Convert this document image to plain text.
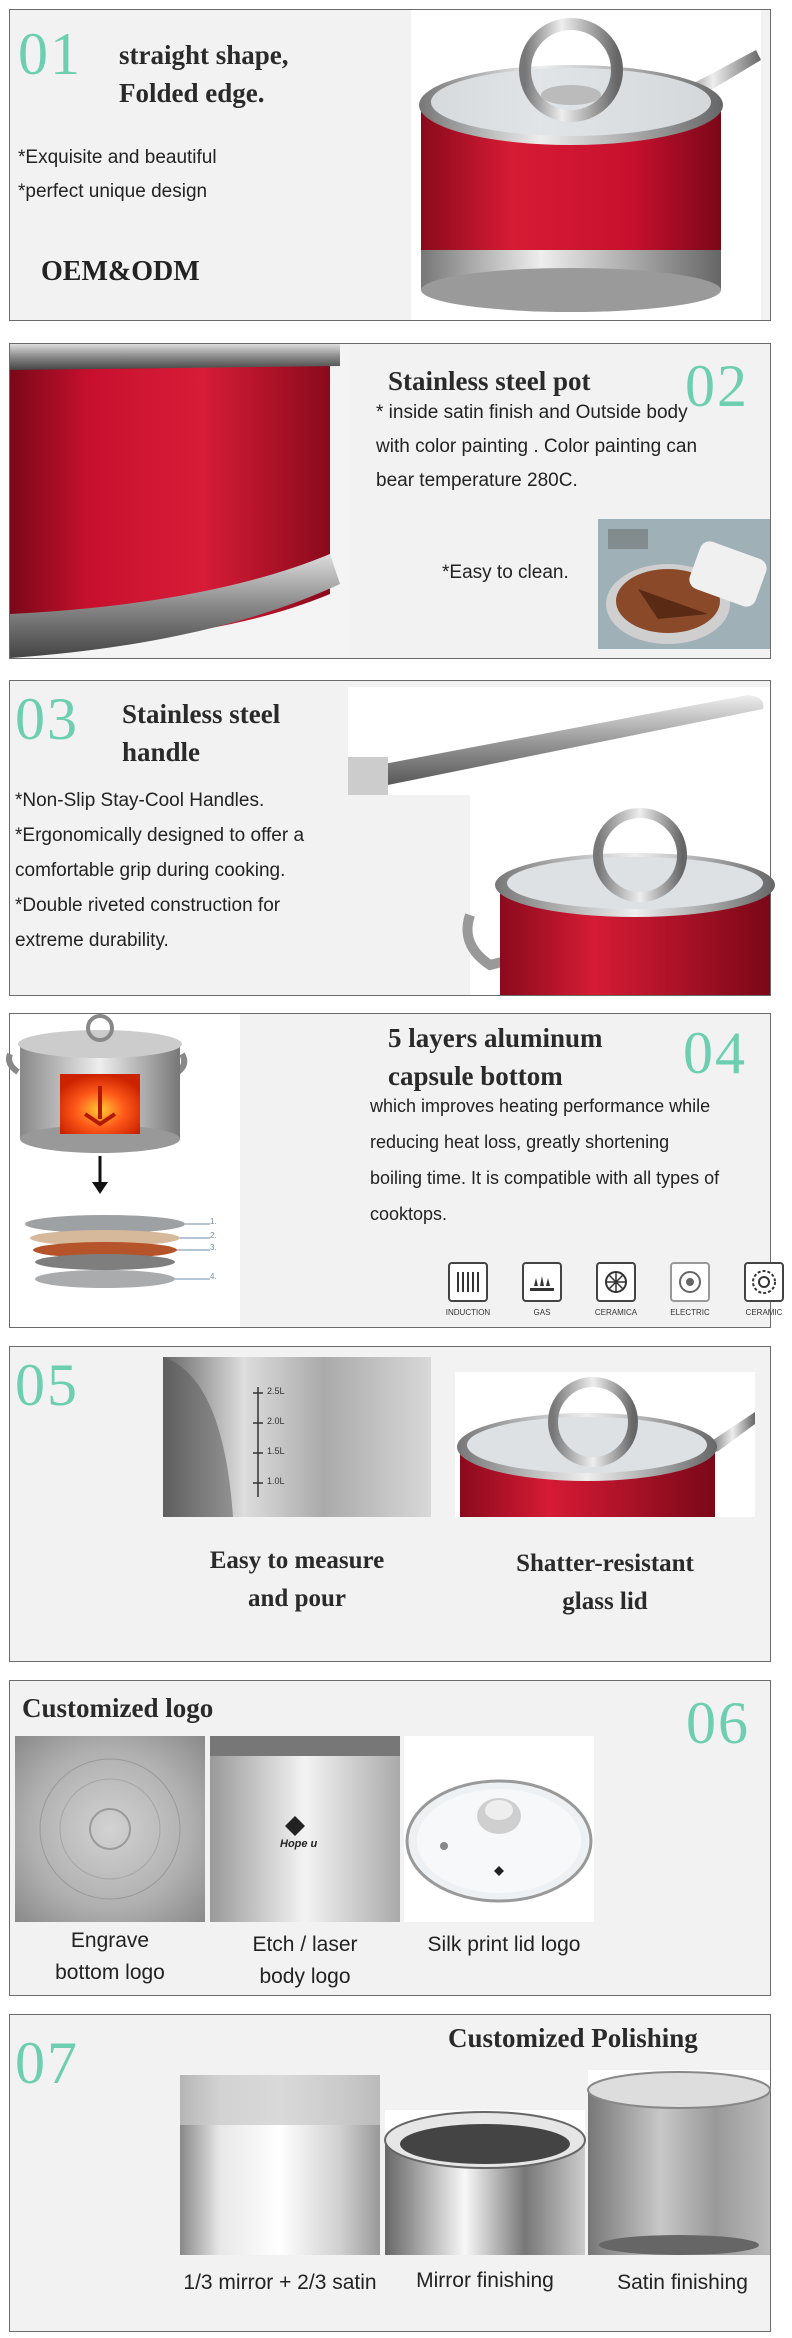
01 straight shape,
Folded edge.
*Exquisite and beautiful
*perfect unique design
OEM&ODM
Stainless steel pot 02
* inside satin finish and Outside body
with color painting . Color painting can
bear temperature 280C.
*Easy to clean.
03 Stainless steel
handle
*Non-Slip Stay-Cool Handles.
*Ergonomically designed to offer a
comfortable grip during cooking.
*Double riveted construction for
extreme durability.
1.
2.
3.
4.
5 layers aluminum
capsule bottom	04
which improves heating performance while
reducing heat loss, greatly shortening
boiling time. It is compatible with all types of
cooktops.
INDUCTION	GAS	CERAMICA	ELECTRIC	CERAMIC
05	2.5L
2.0L
1.5L
1.0L
Easy to measure
and pour
Shatter-resistant
glass lid
Customized logo	06
Hope u
Engrave
bottom logo
Etch / laser
body logo
Silk print lid logo
07	Customized Polishing
1/3 mirror + 2/3 satin	Mirror finishing	Satin finishing
